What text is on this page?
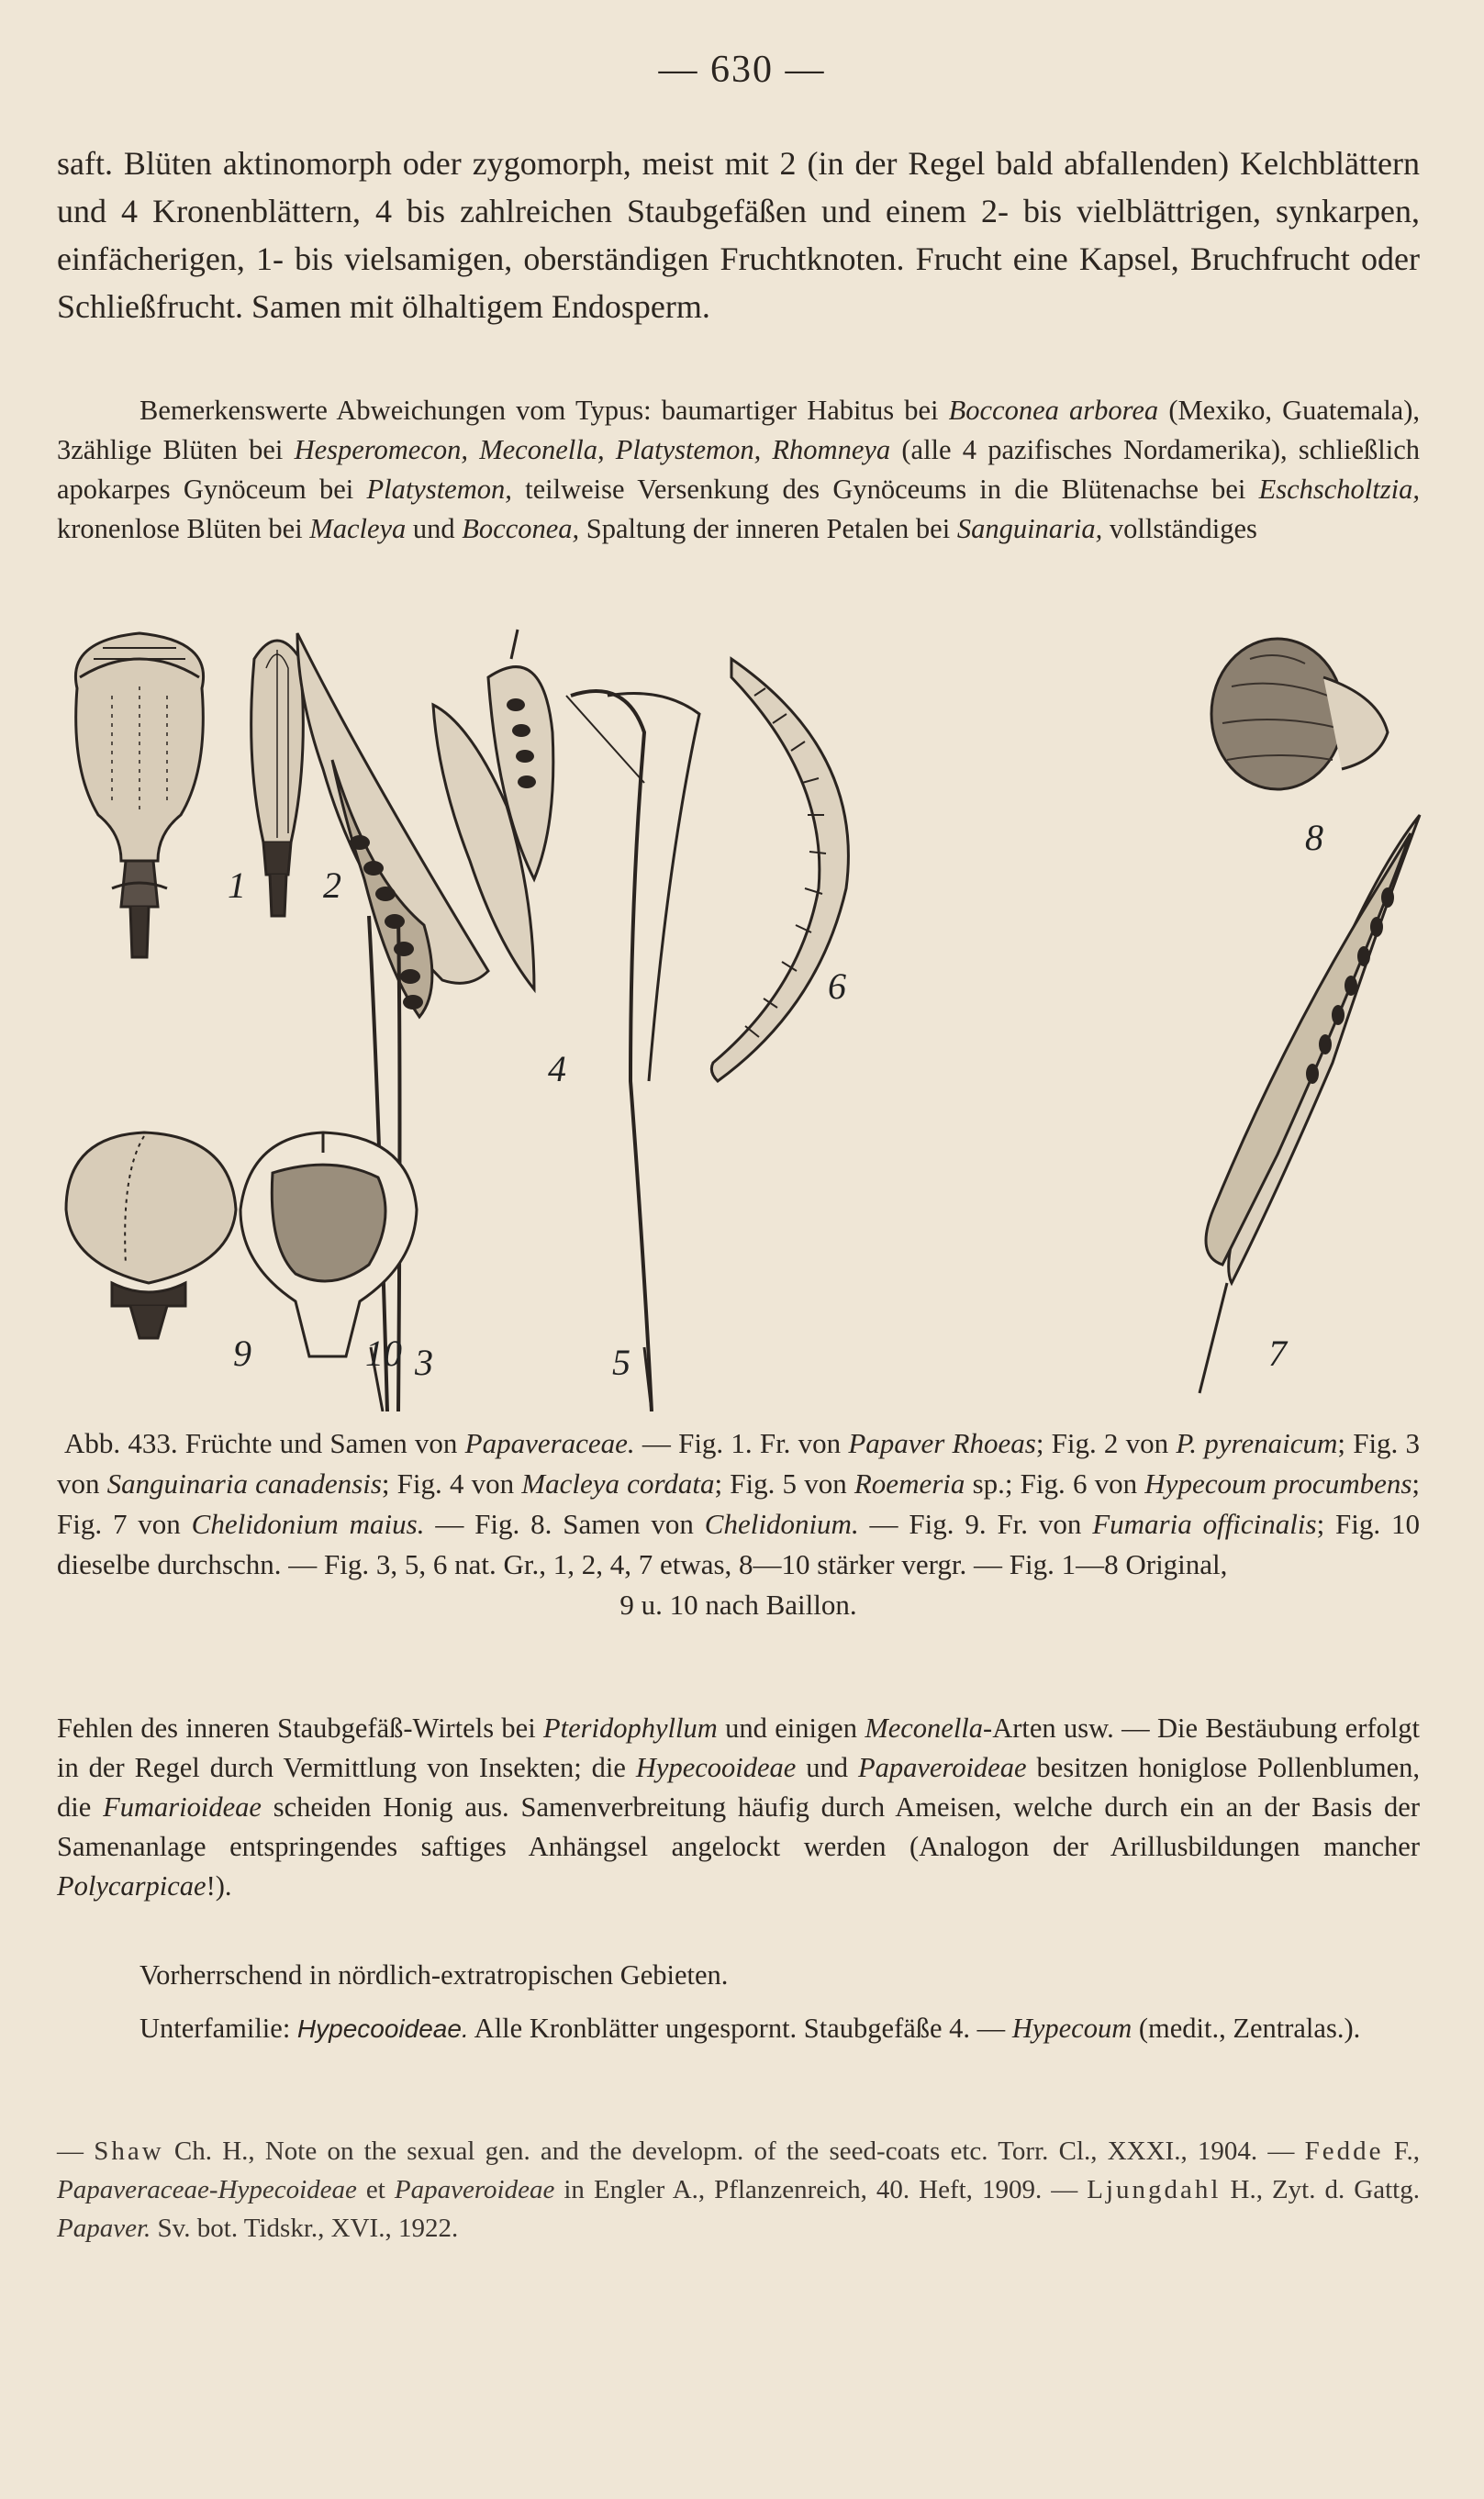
— 630 —

saft. Blüten aktinomorph oder zygomorph, meist mit 2 (in der Regel bald abfallenden) Kelchblättern und 4 Kronenblättern, 4 bis zahlreichen Staubgefäßen und einem 2- bis vielblättrigen, synkarpen, einfächerigen, 1- bis vielsamigen, oberständigen Fruchtknoten. Frucht eine Kapsel, Bruchfrucht oder Schließfrucht. Samen mit ölhaltigem Endosperm.

Bemerkenswerte Abweichungen vom Typus: baumartiger Habitus bei Bocconea arborea (Mexiko, Guatemala), 3zählige Blüten bei Hesperomecon, Meconella, Platystemon, Rhomneya (alle 4 pazifisches Nordamerika), schließlich apokarpes Gynöceum bei Platystemon, teilweise Versenkung des Gynöceums in die Blütenachse bei Eschscholtzia, kronenlose Blüten bei Macleya und Bocconea, Spaltung der inneren Petalen bei Sanguinaria, vollständiges

1 2
3
4
5
6
7
8
9	10

Abb. 433. Früchte und Samen von Papaveraceae. — Fig. 1. Fr. von Papaver Rhoeas; Fig. 2 von P. pyrenaicum; Fig. 3 von Sanguinaria canadensis; Fig. 4 von Macleya cordata; Fig. 5 von Roemeria sp.; Fig. 6 von Hypecoum procumbens; Fig. 7 von Chelidonium maius. — Fig. 8. Samen von Chelidonium. — Fig. 9. Fr. von Fumaria officinalis; Fig. 10 dieselbe durchschn. — Fig. 3, 5, 6 nat. Gr., 1, 2, 4, 7 etwas, 8—10 stärker vergr. — Fig. 1—8 Original,
9 u. 10 nach Baillon.

Fehlen des inneren Staubgefäß-Wirtels bei Pteridophyllum und einigen Meconella-Arten usw. — Die Bestäubung erfolgt in der Regel durch Vermittlung von Insekten; die Hypecooideae und Papaveroideae besitzen honiglose Pollenblumen, die Fumarioideae scheiden Honig aus. Samenverbreitung häufig durch Ameisen, welche durch ein an der Basis der Samenanlage entspringendes saftiges Anhängsel angelockt werden (Analogon der Arillusbildungen mancher Polycarpicae!).

Vorherrschend in nördlich-extratropischen Gebieten.

Unterfamilie: Hypecooideae. Alle Kronblätter ungespornt. Staubgefäße 4. — Hypecoum (medit., Zentralas.).

— Shaw Ch. H., Note on the sexual gen. and the developm. of the seed-coats etc. Torr. Cl., XXXI., 1904. — Fedde F., Papaveraceae-Hypecoideae et Papaveroideae in Engler A., Pflanzenreich, 40. Heft, 1909. — Ljungdahl H., Zyt. d. Gattg. Papaver. Sv. bot. Tidskr., XVI., 1922.
